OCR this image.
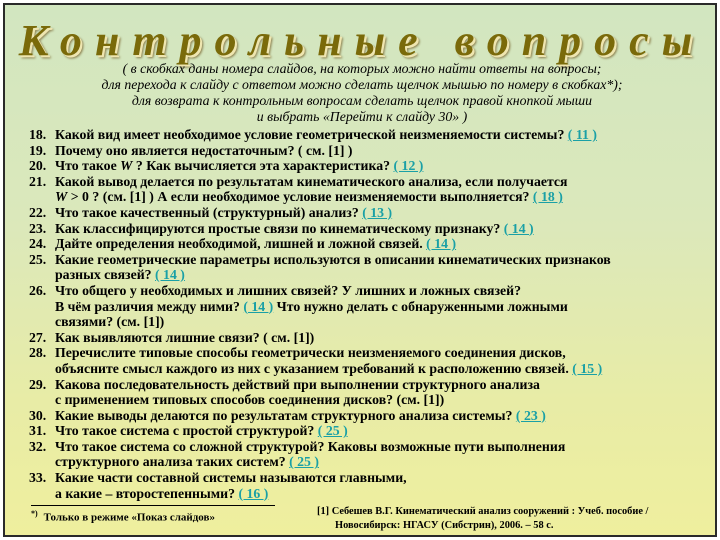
Контрольные вопросы
( в скобках даны номера слайдов, на которых можно найти ответы на вопросы;
для перехода к слайду с ответом можно сделать щелчок мышью по номеру в скобках*);
для возврата к контрольным вопросам сделать щелчок правой кнопкой мыши
и выбрать «Перейти к слайду 30» )
18. Какой вид имеет необходимое условие геометрической неизменяемости системы? ( 11 )
19. Почему оно является недостаточным? ( см. [1] )
20. Что такое W ? Как вычисляется эта характеристика? ( 12 )
21. Какой вывод делается по результатам кинематического анализа, если получается
W > 0 ? (см. [1] ) А если необходимое условие неизменяемости выполняется? ( 18 )
22. Что такое качественный (структурный) анализ? ( 13 )
23. Как классифицируются простые связи по кинематическому признаку? ( 14 )
24. Дайте определения необходимой, лишней и ложной связей. ( 14 )
25. Какие геометрические параметры используются в описании кинематических признаков
разных связей? ( 14 )
26. Что общего у необходимых и лишних связей? У лишних и ложных связей?
В чём различия между ними? ( 14 ) Что нужно делать с обнаруженными ложными
связями? (см. [1])
27. Как выявляются лишние связи? ( см. [1])
28. Перечислите типовые способы геометрически неизменяемого соединения дисков,
объясните смысл каждого из них с указанием требований к расположению связей. ( 15 )
29. Какова последовательность действий при выполнении структурного анализа
с применением типовых способов соединения дисков? (см. [1])
30. Какие выводы делаются по результатам структурного анализа системы? ( 23 )
31. Что такое система с простой структурой? ( 25 )
32. Что такое система со сложной структурой? Каковы возможные пути выполнения
структурного анализа таких систем? ( 25 )
33. Какие части составной системы называются главными,
а какие – второстепенными? ( 16 )
*) Только в режиме «Показ слайдов»
[1] Себешев В.Г. Кинематический анализ сооружений : Учеб. пособие /
Новосибирск: НГАСУ (Сибстрин), 2006. – 58 с.
